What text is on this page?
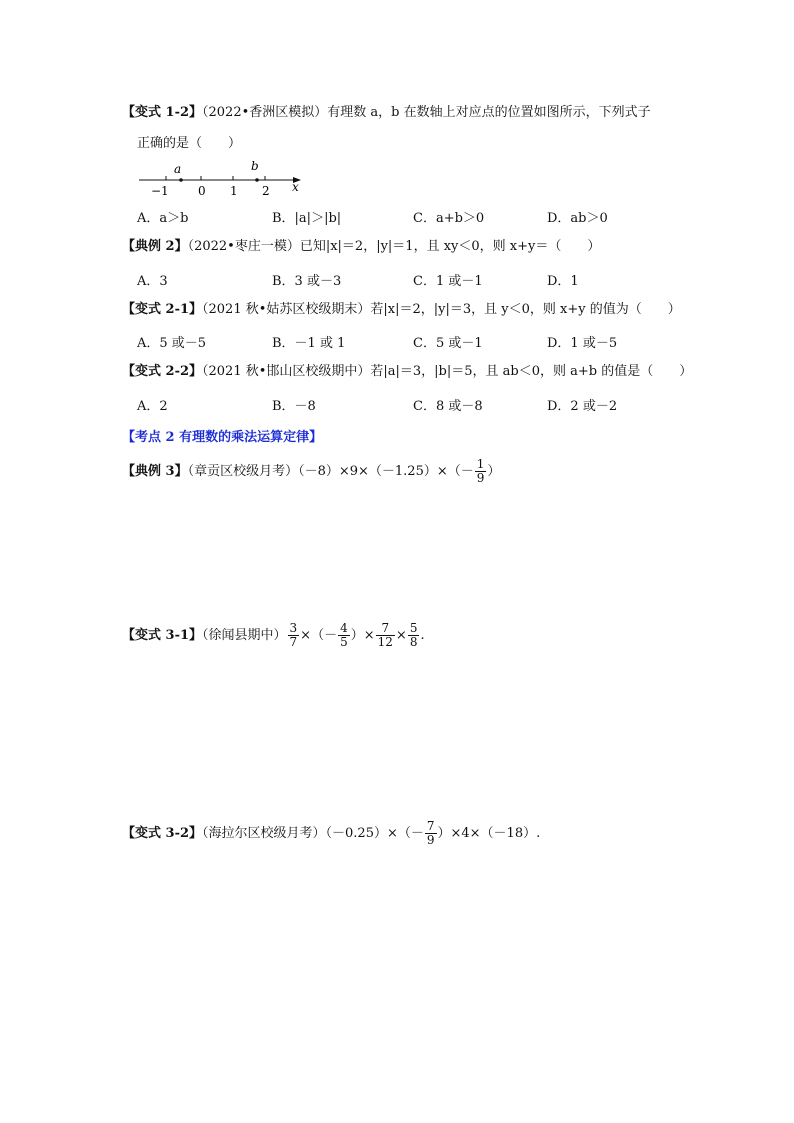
【变式 1-2】（2022•香洲区模拟）有理数 a，b 在数轴上对应点的位置如图所示，下列式子
正确的是（　　）
a	b
−1 0 1 2 x
A．a＞b	B．|a|＞|b|	C．a+b＞0	D．ab＞0
【典例 2】（2022•枣庄一模）已知|x|＝2，|y|＝1，且 xy＜0，则 x+y＝（　　）
A．3	B．3 或－3	C．1 或－1	D．1
【变式 2-1】（2021 秋•姑苏区校级期末）若|x|＝2，|y|＝3，且 y＜0，则 x+y 的值为（　　）
A．5 或－5	B．－1 或 1	C．5 或－1	D．1 或－5
【变式 2-2】（2021 秋•邯山区校级期中）若|a|＝3，|b|＝5，且 ab＜0，则 a+b 的值是（　　）
A．2	B．－8	C．8 或－8	D．2 或－2
【考点 2 有理数的乘法运算定律】
【典例 3】（章贡区校级月考）$(-8)\times 9\times(-1.25)\times(- \frac{1}{9}$ ）
【变式 3-1】（徐闻县期中） $\frac{3}{7}$ ×（－ $\frac{4}{5}$ ）× $\frac{7}{12} \times \frac{5}{8}$ .
【变式 3-2】（海拉尔区校级月考）$(-0.25)\times(- \frac{7}{9} )\times 4\times(-18)$.
